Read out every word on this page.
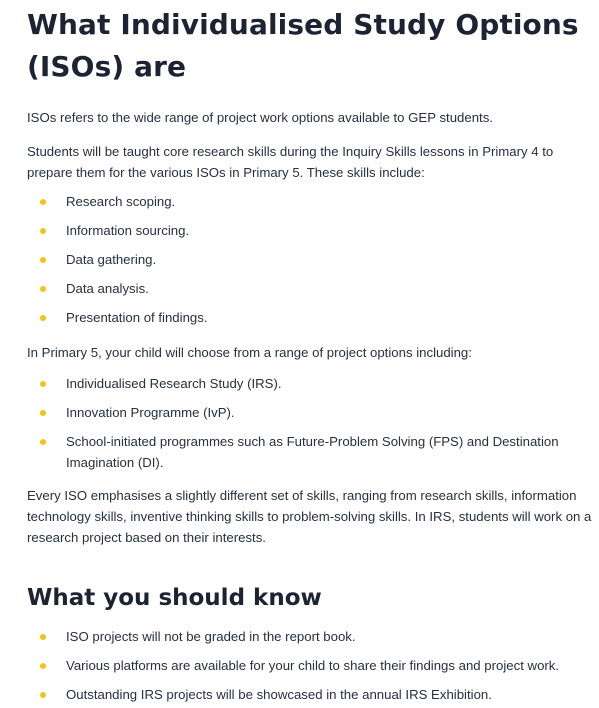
What Individualised Study Options (ISOs) are

ISOs refers to the wide range of project work options available to GEP students.

Students will be taught core research skills during the Inquiry Skills lessons in Primary 4 to prepare them for the various ISOs in Primary 5. These skills include:

Research scoping.
Information sourcing.
Data gathering.
Data analysis.
Presentation of findings.

In Primary 5, your child will choose from a range of project options including:

Individualised Research Study (IRS).
Innovation Programme (IvP).
School-initiated programmes such as Future-Problem Solving (FPS) and Destination Imagination (DI).

Every ISO emphasises a slightly different set of skills, ranging from research skills, information technology skills, inventive thinking skills to problem-solving skills. In IRS, students will work on a research project based on their interests.

What you should know
ISO projects will not be graded in the report book.
Various platforms are available for your child to share their findings and project work.
Outstanding IRS projects will be showcased in the annual IRS Exhibition.
